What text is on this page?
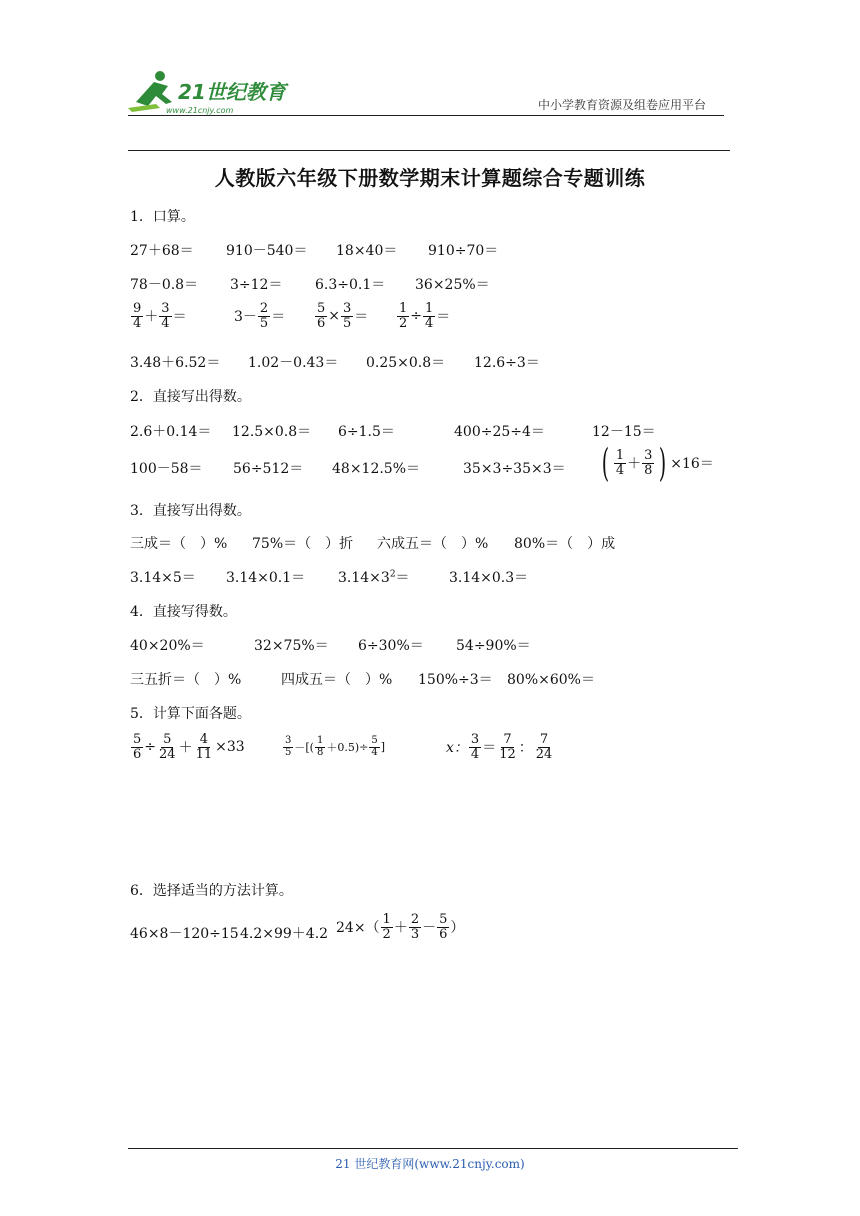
21世纪教育
www.21cnjy.com	中小学教育资源及组卷应用平台
人教版六年级下册数学期末计算题综合专题训练
1．口算。
27＋68＝ 910－540＝ 18×40＝ 910÷70＝
78－0.8＝ 3÷12＝ 6.3÷0.1＝ 36×25%＝
$\frac{9}{4} + \frac{3}{4}$ ＝	$3- \frac{2}{5} = \frac{5}{6} \times \frac{3}{5} = \frac{1}{2} \div \frac{1}{4}$ ＝
3.48＋6.52＝ 1.02－0.43＝ 0.25×0.8＝ 12.6÷3＝
2．直接写出得数。
2.6＋0.14＝ 12.5×0.8＝ 6÷1.5＝	400÷25÷4＝	12－15＝
100－58＝ 56÷512＝ 48×12.5%＝	35×3÷35×3＝ ( $\frac{1}{4} + \frac{3}{8}$ ) ×16＝
3．直接写出得数。
三成＝（　）% 75%＝（　）折 六成五＝（　）% 80%＝（　）成
$3.14\times 5= 3.14\times 0.1= 3.14\times 3^2=$	3.14×0.3＝
4．直接写得数。
40×20%＝	32×75%＝ 6÷30%＝ 54÷90%＝
三五折＝（　）%	四成五＝（　）% 150%÷3＝ 80%×60%＝
5．计算下面各题。
$\frac{5}{6} \div \frac{5}{24} + \frac{4}{11} \times 33$	$\frac{3}{5}$ －[( $\frac{1}{8} +0.5)\div \frac{5}{4}$ ]	x： $\frac{3}{4} = \frac{7}{12}$ ： $\frac{7}{24}$
6．选择适当的方法计算。
46×8－120÷15 4.2×99＋4.2 $24\times( \frac{1}{2} + \frac{2}{3} - \frac{5}{6}$ ）
21 世纪教育网(www.21cnjy.com)
